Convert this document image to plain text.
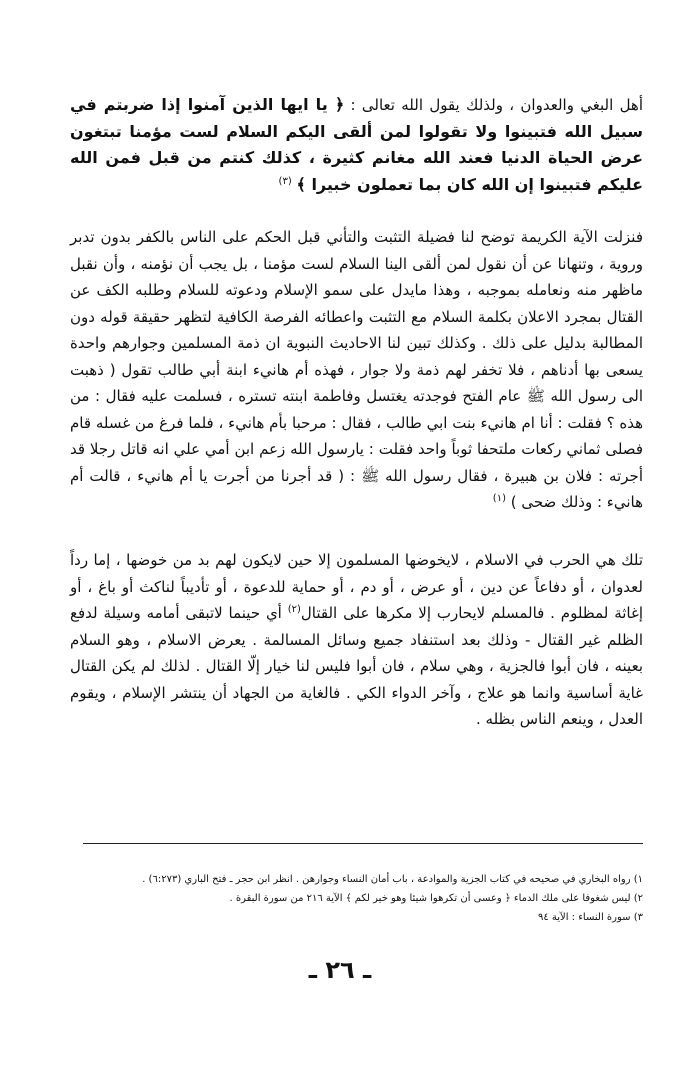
أهل البغي والعدوان ، ولذلك يقول الله تعالى : ﴿ يا ايها الذين آمنوا إذا ضربتم في سبيل الله فتبينوا ولا تقولوا لمن ألقى اليكم السلام لست مؤمنا تبتغون عرض الحياة الدنيا فعند الله مغانم كثيرة ، كذلك كنتم من قبل فمن الله عليكم فتبينوا إن الله كان بما تعملون خبيرا ﴾ $^{(٣)}$

فنزلت الآية الكريمة توضح لنا فضيلة التثبت والتأني قبل الحكم على الناس بالكفر بدون تدبر وروية ، وتنهانا عن أن نقول لمن ألقى الينا السلام لست مؤمنا ، بل يجب أن نؤمنه ، وأن نقبل ماظهر منه ونعامله بموجبه ، وهذا مايدل على سمو الإسلام ودعوته للسلام وطلبه الكف عن القتال بمجرد الاعلان بكلمة السلام مع التثبت واعطائه الفرصة الكافية لتظهر حقيقة قوله دون المطالبة بدليل على ذلك . وكذلك تبين لنا الاحاديث النبوية ان ذمة المسلمين وجوارهم واحدة يسعى بها أدناهم ، فلا تخفر لهم ذمة ولا جوار ، فهذه أم هانيء ابنة أبي طالب تقول ( ذهبت الى رسول الله ﷺ عام الفتح فوجدته يغتسل وفاطمة ابنته تستره ، فسلمت عليه فقال : من هذه ؟ فقلت : أنا ام هانيء بنت ابي طالب ، فقال : مرحبا بأم هانيء ، فلما فرغ من غسله قام فصلى ثماني ركعات ملتحفا ثوباً واحد فقلت : يارسول الله زعم ابن أمي علي انه قاتل رجلا قد أجرته : فلان بن هبيرة ، فقال رسول الله ﷺ : ( قد أجرنا من أجرت يا أم هانيء ، قالت أم هانيء : وذلك ضحى ) $^{(١)}$

تلك هي الحرب في الاسلام ، لايخوضها المسلمون إلا حين لايكون لهم بد من خوضها ، إما رداً لعدوان ، أو دفاعاً عن دين ، أو عرض ، أو دم ، أو حماية للدعوة ، أو تأديباً لناكث أو باغ ، أو إغاثة لمظلوم . فالمسلم لايحارب إلا مكرها على القتال$^{(٢)}$ أي حينما لاتبقى أمامه وسيلة لدفع الظلم غير القتال - وذلك بعد استنفاد جميع وسائل المسالمة . يعرض الاسلام ، وهو السلام بعينه ، فان أبوا فالجزية ، وهي سلام ، فان أبوا فليس لنا خيار إلّا القتال . لذلك لم يكن القتال غاية أساسية وانما هو علاج ، وآخر الدواء الكي . فالغاية من الجهاد أن ينتشر الإسلام ، ويقوم العدل ، وينعم الناس بظله .

١) رواه البخاري في صحيحه في كتاب الجزية والموادعة ، باب أمان النساء وجوارهن . انظر ابن حجر ـ فتح الباري (٦:٢٧٣) .

٢) ليس شغوفا على ملك الدماء ﴿ وعسى أن تكرهوا شيئا وهو خير لكم ﴾ الآية ٢١٦ من سورة البقرة .

٣) سورة النساء : الآية ٩٤

ـ ٢٦ ـ
